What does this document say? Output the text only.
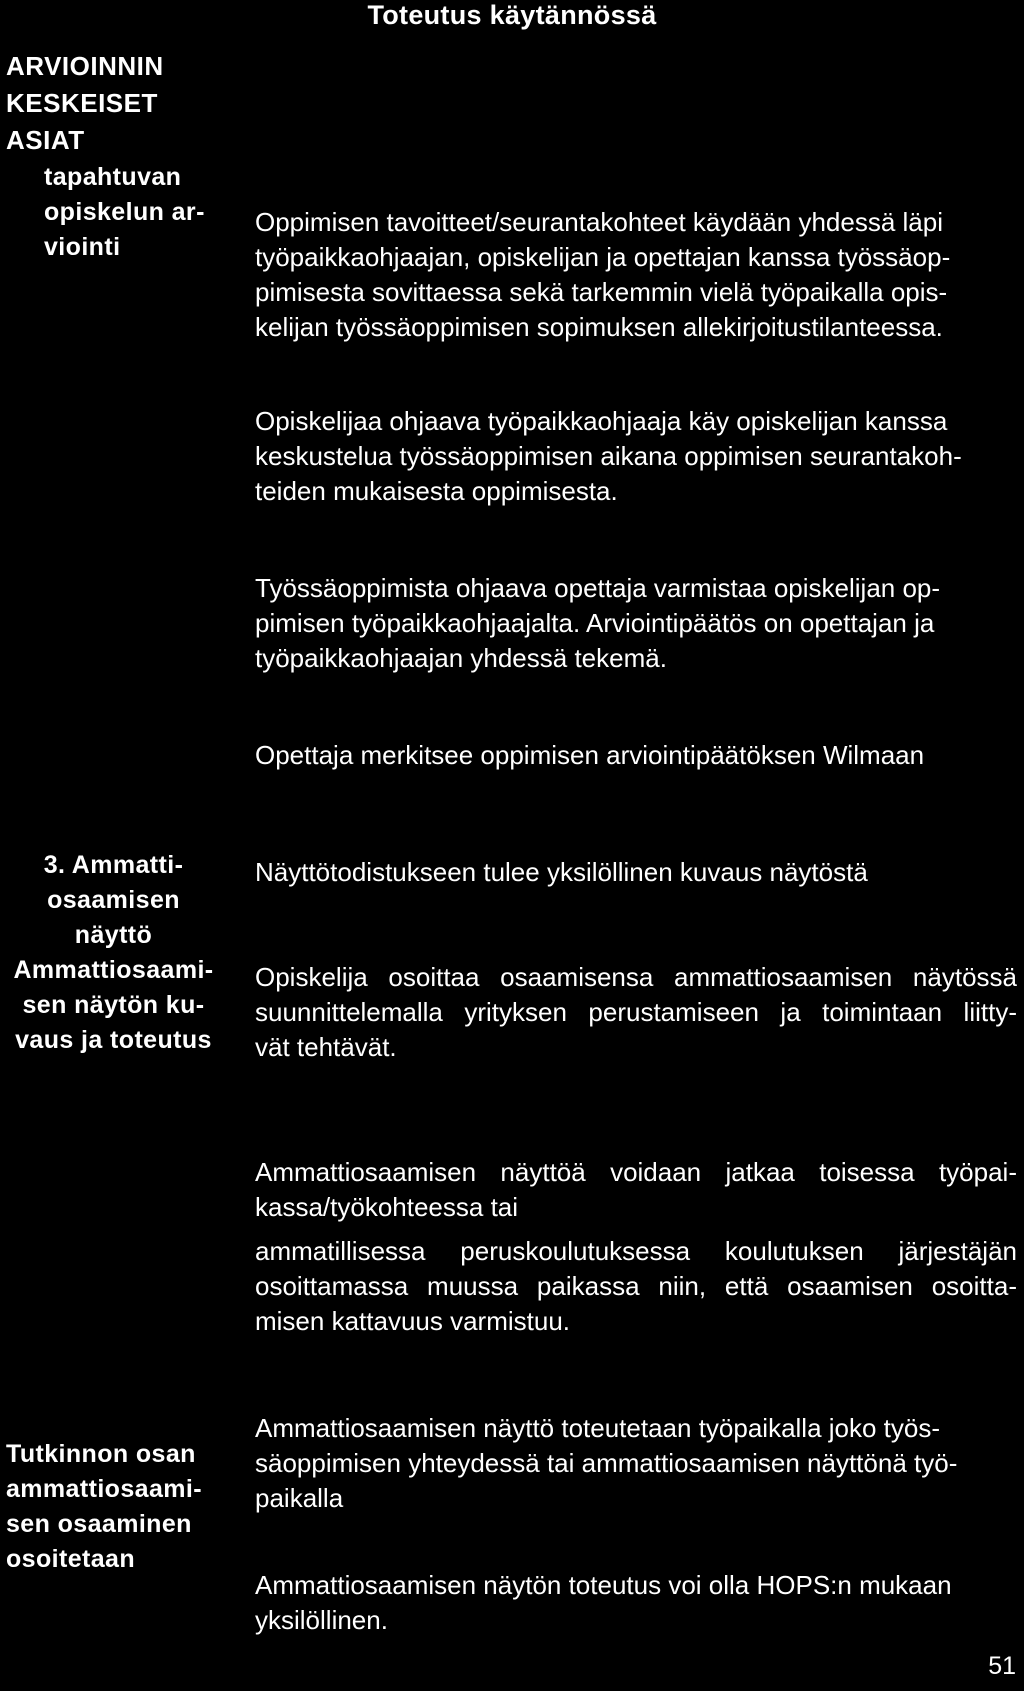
Toteutus käytännössä
ARVIOINNIN
KESKEISET
ASIAT
tapahtuvan
opiskelun ar-
viointi
Oppimisen tavoitteet/seurantakohteet käydään yhdessä läpi
työpaikkaohjaajan, opiskelijan ja opettajan kanssa työssäop-
pimisesta sovittaessa sekä tarkemmin vielä työpaikalla opis-
kelijan työssäoppimisen sopimuksen allekirjoitustilanteessa.
Opiskelijaa ohjaava työpaikkaohjaaja käy opiskelijan kanssa
keskustelua työssäoppimisen aikana oppimisen seurantakoh-
teiden mukaisesta oppimisesta.
Työssäoppimista ohjaava opettaja varmistaa opiskelijan op-
pimisen työpaikkaohjaajalta. Arviointipäätös on opettajan ja
työpaikkaohjaajan yhdessä tekemä.
Opettaja merkitsee oppimisen arviointipäätöksen Wilmaan
3. Ammatti-
osaamisen
näyttö
Ammattiosaami-
sen näytön ku-
vaus ja toteutus
Näyttötodistukseen tulee yksilöllinen kuvaus näytöstä
Opiskelija osoittaa osaamisensa ammattiosaamisen näytössä
suunnittelemalla yrityksen perustamiseen ja toimintaan liitty-
vät tehtävät.
Ammattiosaamisen näyttöä voidaan jatkaa toisessa työpai-
kassa/työkohteessa tai
ammatillisessa peruskoulutuksessa koulutuksen järjestäjän
osoittamassa muussa paikassa niin, että osaamisen osoitta-
misen kattavuus varmistuu.
Tutkinnon osan
ammattiosaami-
sen osaaminen
osoitetaan
Ammattiosaamisen näyttö toteutetaan työpaikalla joko työs-
säoppimisen yhteydessä tai ammattiosaamisen näyttönä työ-
paikalla
Ammattiosaamisen näytön toteutus voi olla HOPS:n mukaan
yksilöllinen.
51
